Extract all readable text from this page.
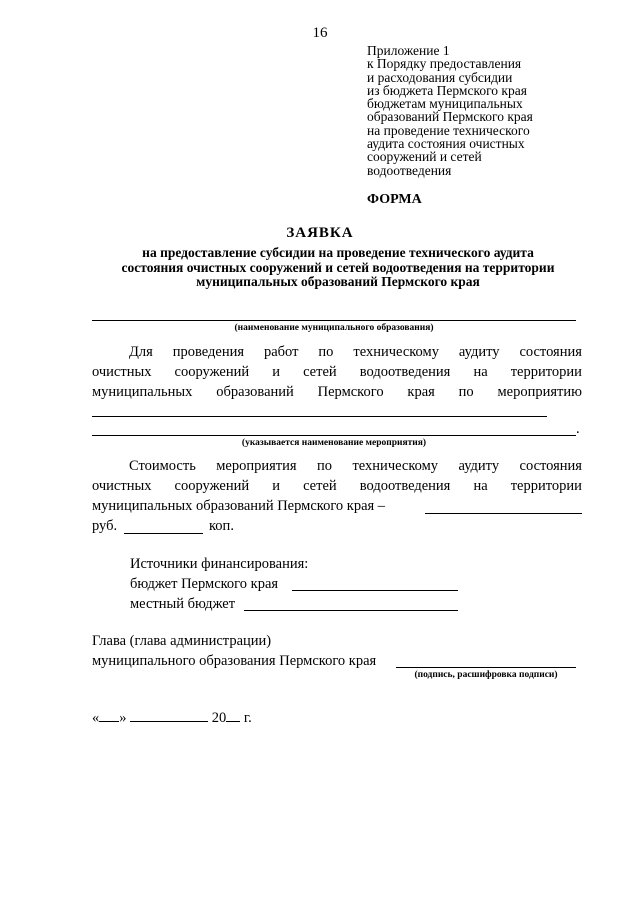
16
Приложение 1
к Порядку предоставления
и расходования субсидии
из бюджета Пермского края
бюджетам муниципальных
образований Пермского края
на проведение технического
аудита состояния очистных
сооружений и сетей
водоотведения
ФОРМА
ЗАЯВКА
на предоставление субсидии на проведение технического аудита
состояния очистных сооружений и сетей водоотведения на территории
муниципальных образований Пермского края
(наименование муниципального образования)
Для проведения работ по техническому аудиту состояния
очистных сооружений и сетей водоотведения на территории
муниципальных образований Пермского края по мероприятию
.
(указывается наименование мероприятия)
Стоимость мероприятия по техническому аудиту состояния
очистных сооружений и сетей водоотведения на территории
муниципальных образований Пермского края –
руб.	коп.
Источники финансирования:
бюджет Пермского края
местный бюджет
Глава (глава администрации)
муниципального образования Пермского края
(подпись, расшифровка подписи)
« »	20 г.
